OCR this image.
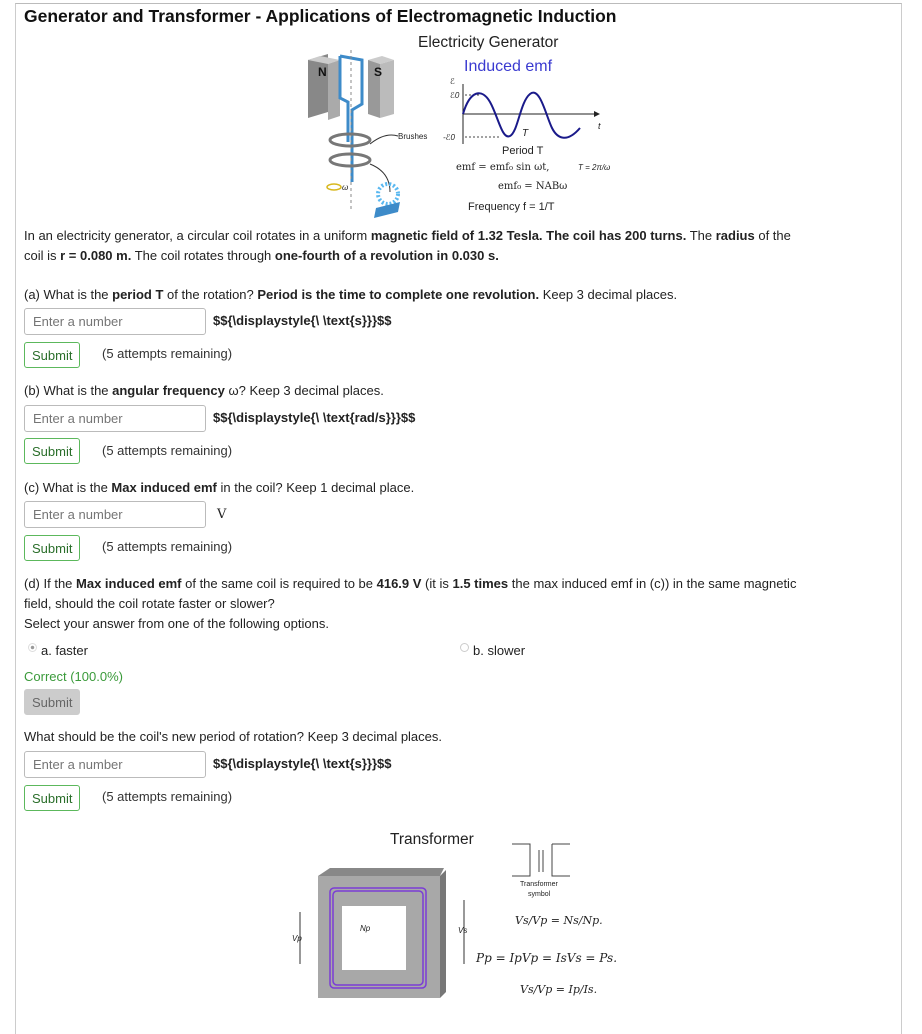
Generator and Transformer - Applications of Electromagnetic Induction
Electricity Generator
Induced emf
N	S
ω
Brushes
ℰ
ℰ0
-ℰ0
t
T
Period T
emf = emf₀ sin ωt,	T = 2π/ω
emf₀ = NABω
Frequency f = 1/T
In an electricity generator, a circular coil rotates in a uniform magnetic field of 1.32 Tesla. The coil has 200 turns. The radius of the
coil is r = 0.080 m. The coil rotates through one-fourth of a revolution in 0.030 s.
(a) What is the period T of the rotation? Period is the time to complete one revolution. Keep 3 decimal places.
Enter a number
$${\displaystyle{\ \text{s}}}$$
Submit	(5 attempts remaining)
(b) What is the angular frequency ω? Keep 3 decimal places.
Enter a number
$${\displaystyle{\ \text{rad/s}}}$$
Submit	(5 attempts remaining)
(c) What is the Max induced emf in the coil? Keep 1 decimal place.
Enter a number
V
Submit	(5 attempts remaining)
(d) If the Max induced emf of the same coil is required to be 416.9 V (it is 1.5 times the max induced emf in (c)) in the same magnetic
field, should the coil rotate faster or slower?
Select your answer from one of the following options.
a. faster	b. slower
Correct (100.0%)
Submit
What should be the coil's new period of rotation? Keep 3 decimal places.
Enter a number
$${\displaystyle{\ \text{s}}}$$
Submit	(5 attempts remaining)
Transformer
Transformer
symbol
Vp
Vs
Np
Vs/Vp = Ns/Np.
Pp = IpVp = IsVs = Ps.
Vs/Vp = Ip/Is.
